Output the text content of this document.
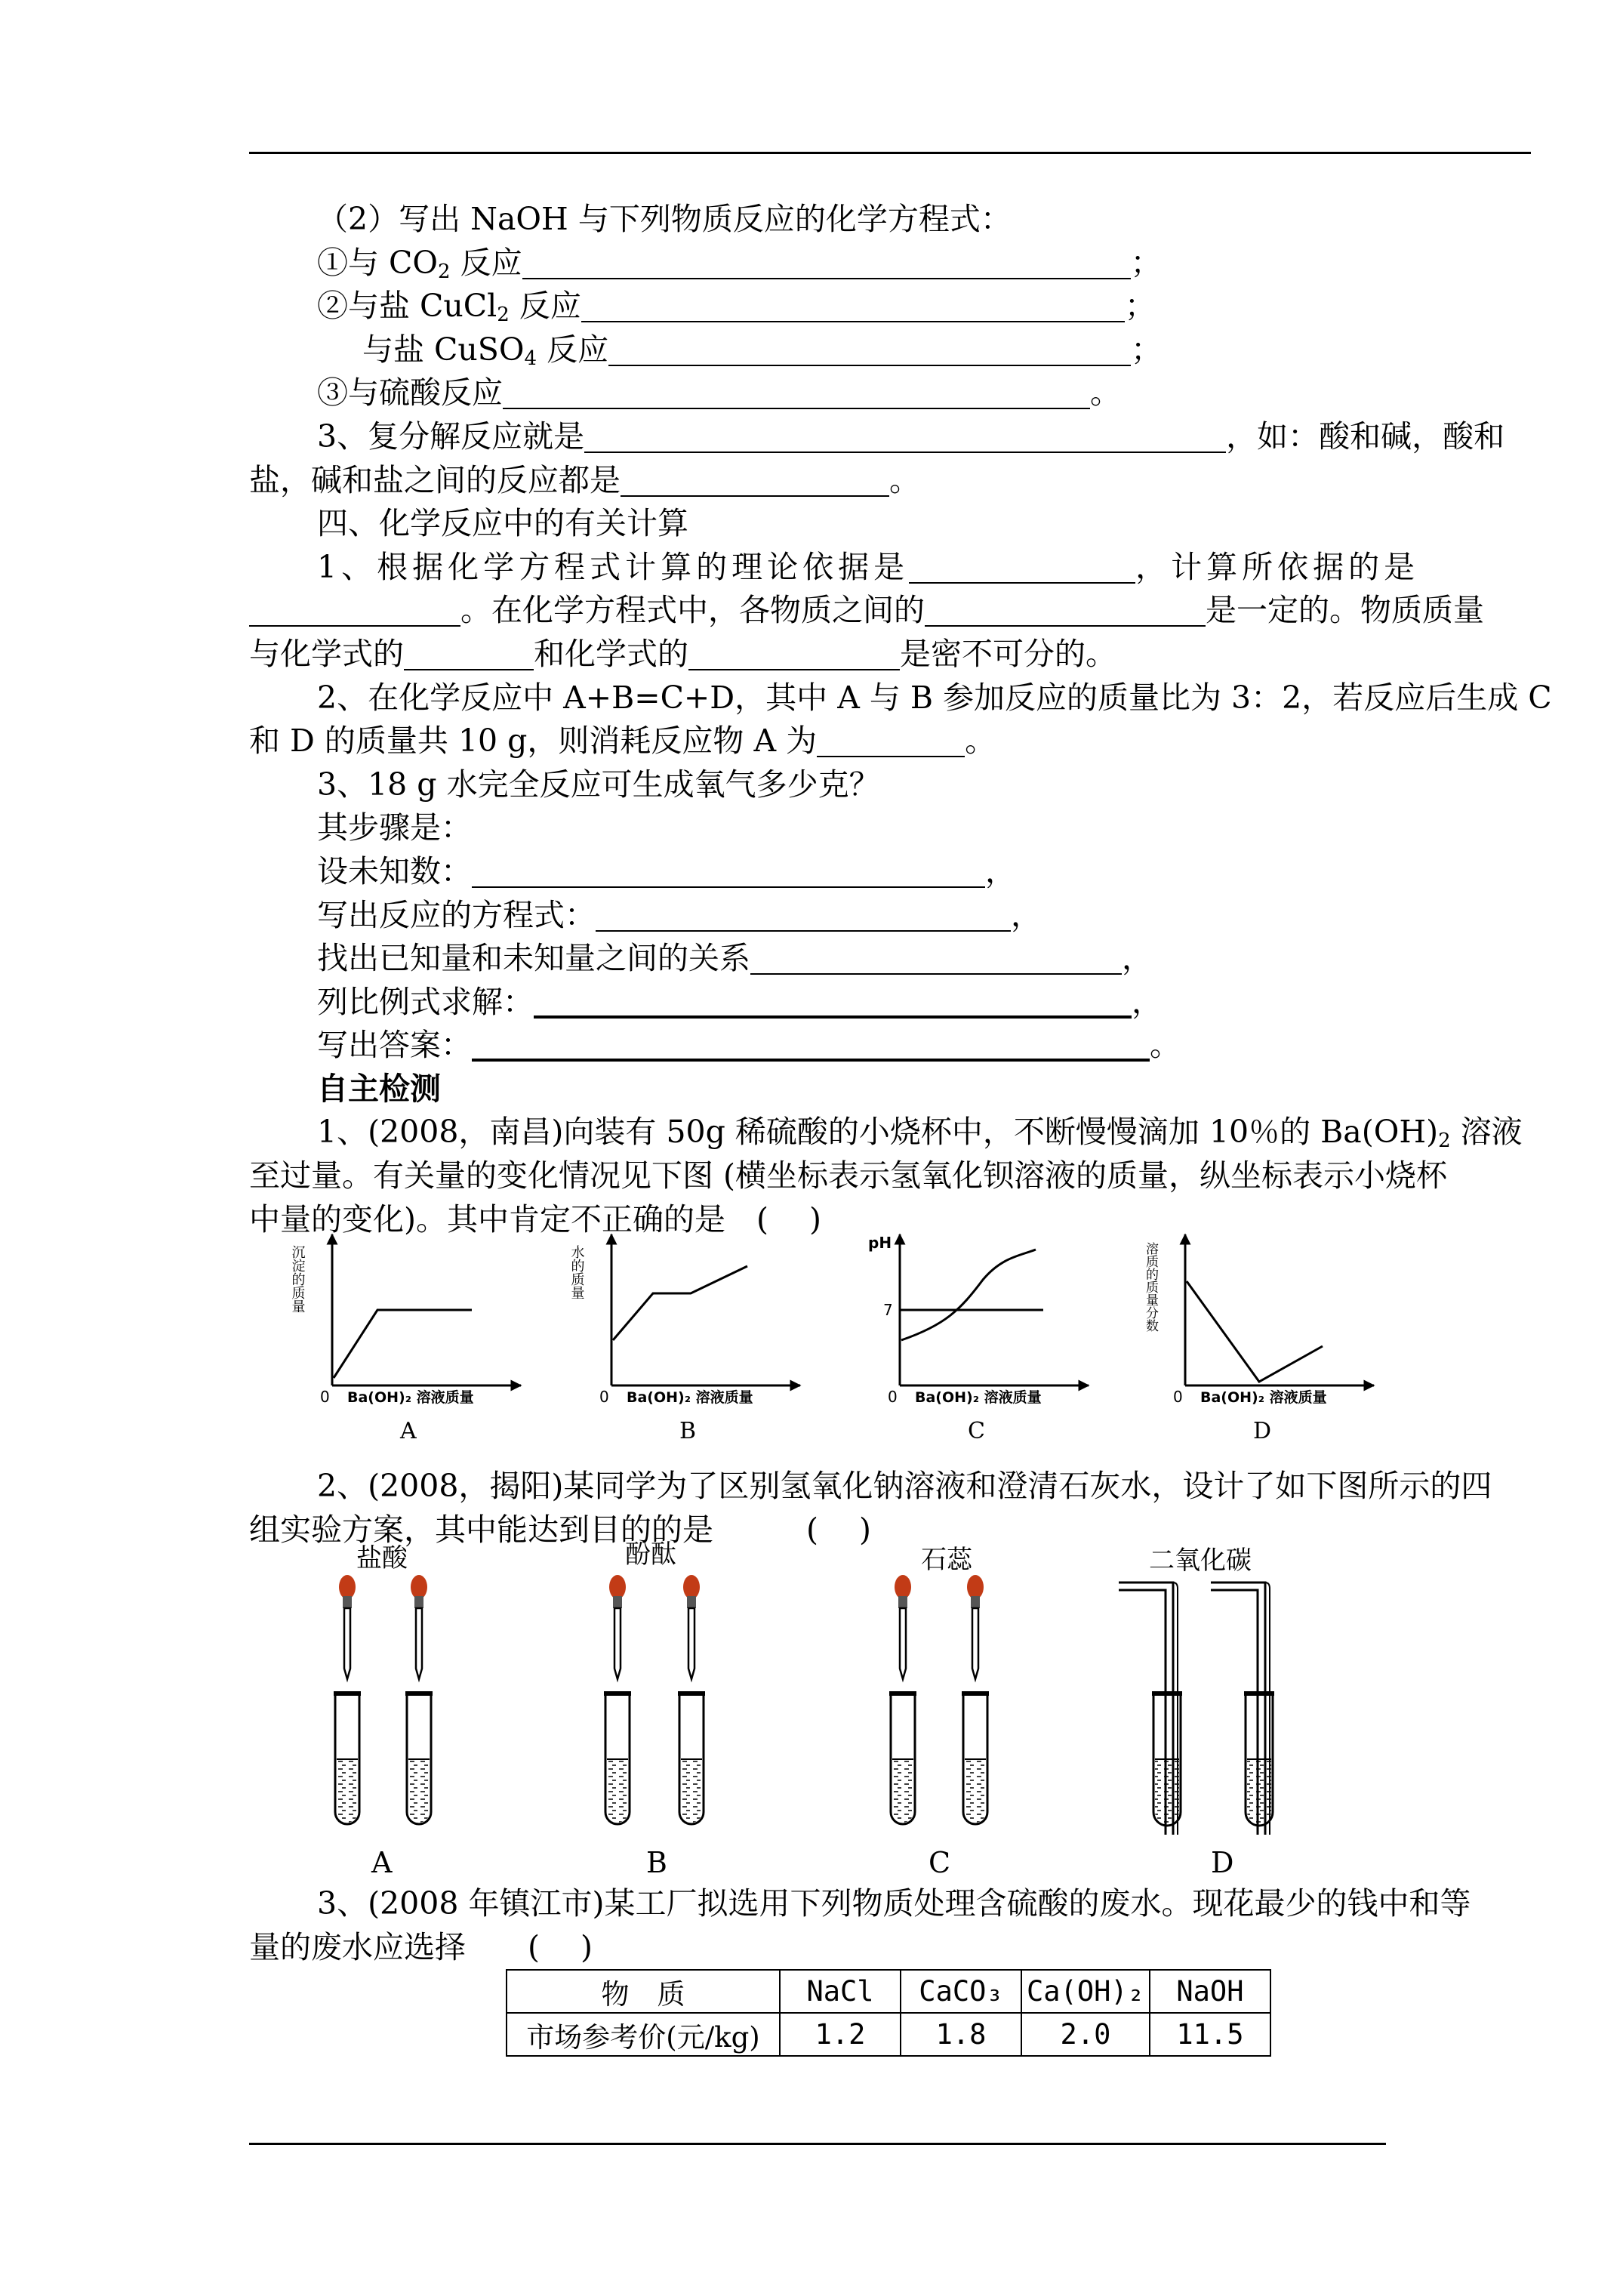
（2）写出 NaOH 与下列物质反应的化学方程式：
①与 $CO_2$ 反应	；
②与盐 CuCl$_2$ 反应	；
与盐 CuSO$_4$ 反应	；
③与硫酸反应	。
3、复分解反应就是	，如：酸和碱，酸和
盐，碱和盐之间的反应都是	。
四、化学反应中的有关计算
1、根据化学方程式计算的理论依据是	，计算所依据的是
。在化学方程式中，各物质之间的	是一定的。物质质量
与化学式的	和化学式的	是密不可分的。
2、在化学反应中 A+B=C+D，其中 A 与 B 参加反应的质量比为 3：2，若反应后生成 C
和 D 的质量共 10 g，则消耗反应物 A 为	。
3、18 g 水完全反应可生成氧气多少克？
其步骤是：
设未知数：	，
写出反应的方程式：	，
找出已知量和未知量之间的关系	，
列比例式求解：	，
写出答案：	。
自主检测
1、(2008，南昌)向装有 50g 稀硫酸的小烧杯中，不断慢慢滴加 10％的 $Ba(OH)_2$ 溶液
至过量。有关量的变化情况见下图 (横坐标表示氢氧化钡溶液的质量，纵坐标表示小烧杯
中量的变化)。其中肯定不正确的是　(　 )
沉淀的质量
0 Ba(OH)₂ 溶液质量
A
水的质量
0 Ba(OH)₂ 溶液质量
B
pH
7
0 Ba(OH)₂ 溶液质量
C
溶质的质量分数
0 Ba(OH)₂ 溶液质量
D
2、(2008，揭阳)某同学为了区别氢氧化钠溶液和澄清石灰水，设计了如下图所示的四
组实验方案，其中能达到目的的是　　　(　 )
盐酸
A
酚酞
B
石蕊
C
二氧化碳
D
3、(2008 年镇江市)某工厂拟选用下列物质处理含硫酸的废水。现花最少的钱中和等
量的废水应选择　　(　 )
物　质	NaCl	CaCO₃	Ca(OH)₂	NaOH
市场参考价(元/kg)	1.2	1.8	2.0	11.5
